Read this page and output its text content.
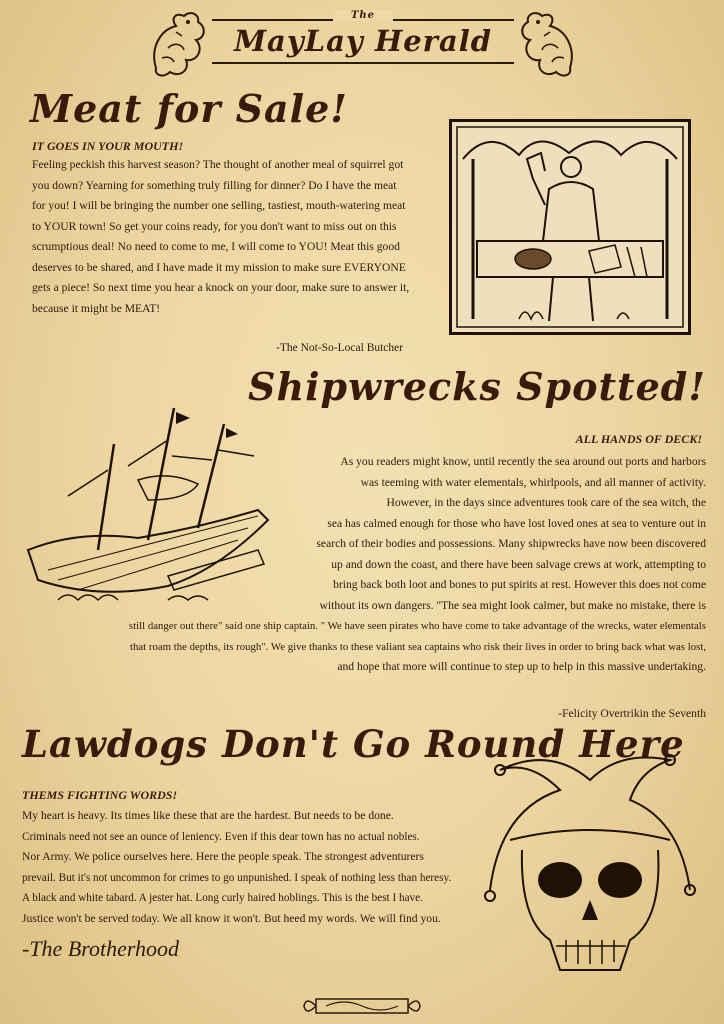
The
MayLay Herald
Meat for Sale!
IT GOES IN YOUR MOUTH!
Feeling peckish this harvest season? The thought of another meal of squirrel got
you down? Yearning for something truly filling for dinner? Do I have the meat
for you! I will be bringing the number one selling, tastiest, mouth-watering meat
to YOUR town! So get your coins ready, for you don't want to miss out on this
scrumptious deal! No need to come to me, I will come to YOU! Meat this good
deserves to be shared, and I have made it my mission to make sure EVERYONE
gets a piece! So next time you hear a knock on your door, make sure to answer it,
because it might be MEAT!
-The Not-So-Local Butcher
Shipwrecks Spotted!
ALL HANDS OF DECK!
As you readers might know, until recently the sea around out ports and harbors
was teeming with water elementals, whirlpools, and all manner of activity.
However, in the days since adventures took care of the sea witch, the
sea has calmed enough for those who have lost loved ones at sea to venture out in
search of their bodies and possessions. Many shipwrecks have now been discovered
up and down the coast, and there have been salvage crews at work, attempting to
bring back both loot and bones to put spirits at rest. However this does not come
without its own dangers. "The sea might look calmer, but make no mistake, there is
still danger out there" said one ship captain. " We have seen pirates who have come to take advantage of the wrecks, water elementals
that roam the depths, its rough". We give thanks to these valiant sea captains who risk their lives in order to bring back what was lost,
and hope that more will continue to step up to help in this massive undertaking.
-Felicity Overtrikin the Seventh
Lawdogs Don't Go Round Here
THEMS FIGHTING WORDS!
My heart is heavy. Its times like these that are the hardest. But needs to be done.
Criminals need not see an ounce of leniency. Even if this dear town has no actual nobles.
Nor Army. We police ourselves here. Here the people speak. The strongest adventurers
prevail. But it's not uncommon for crimes to go unpunished. I speak of nothing less than heresy.
A black and white tabard. A jester hat. Long curly haired hoblings. This is the best I have.
Justice won't be served today. We all know it won't. But heed my words. We will find you.
-The Brotherhood
